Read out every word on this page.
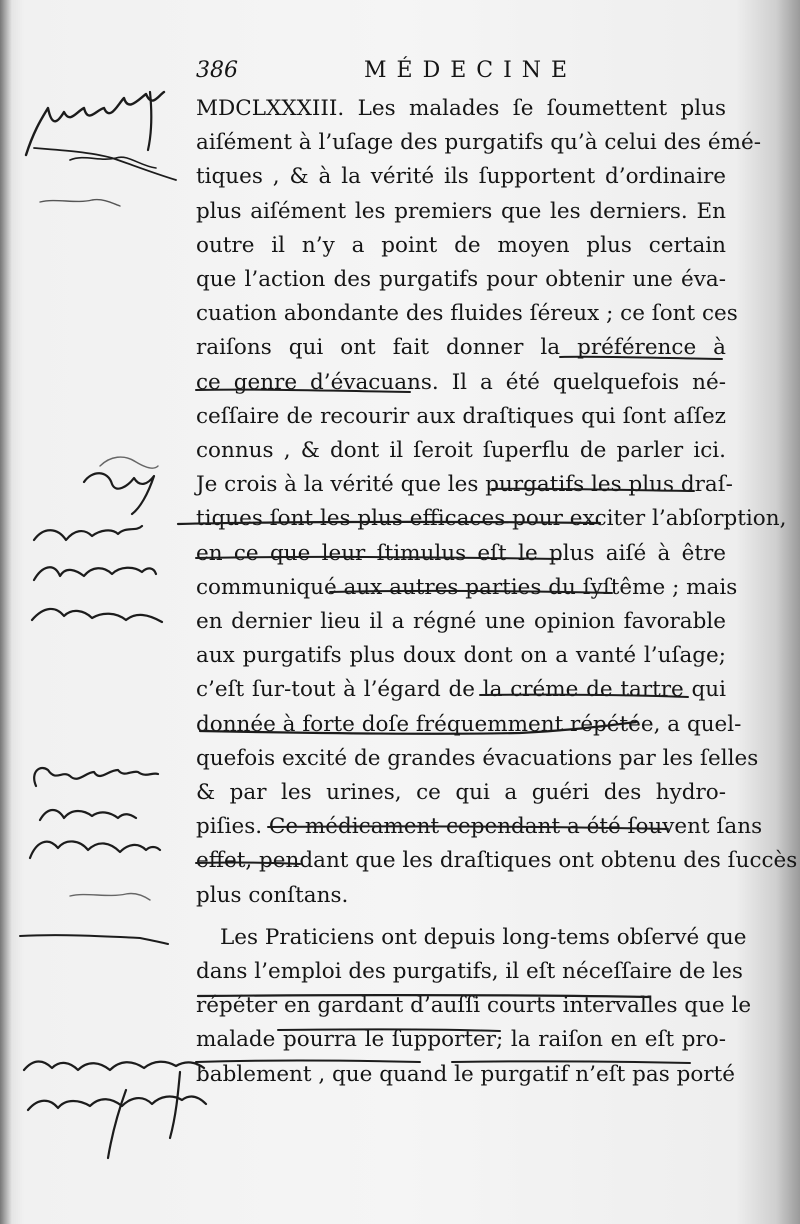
386	MÉDECINE
MDCLXXXIII. Les malades ſe ſoumettent plus
aiſément à l’uſage des purgatifs qu’à celui des émé-
tiques , & à la vérité ils ſupportent d’ordinaire
plus aiſément les premiers que les derniers. En
outre il n’y a point de moyen plus certain
que l’action des purgatifs pour obtenir une éva-
cuation abondante des fluides ſéreux ; ce ſont ces
raiſons qui ont fait donner la préférence à
ce genre d’évacuans. Il a été quelquefois né-
ceſſaire de recourir aux draſtiques qui ſont aſſez
connus , & dont il ſeroit ſuperflu de parler ici.
Je crois à la vérité que les purgatifs les plus draſ-
tiques ſont les plus efficaces pour exciter l’abſorption,
en ce que leur ſtimulus eſt le plus aiſé à être
communiqué aux autres parties du ſyſtême ; mais
en dernier lieu il a régné une opinion favorable
aux purgatifs plus doux dont on a vanté l’uſage;
c’eſt ſur-tout à l’égard de la créme de tartre qui
donnée à forte doſe fréquemment répétée, a quel-
quefois excité de grandes évacuations par les ſelles
& par les urines, ce qui a guéri des hydro-
piſies. Ce médicament cependant a été ſouvent ſans
effet, pendant que les draſtiques ont obtenu des ſuccès
plus conſtans.
Les Praticiens ont depuis long-tems obſervé que
dans l’emploi des purgatifs, il eſt néceſſaire de les
répéter en gardant d’auſſi courts intervalles que le
malade pourra le ſupporter; la raiſon en eſt pro-
bablement , que quand le purgatif n’eſt pas porté
